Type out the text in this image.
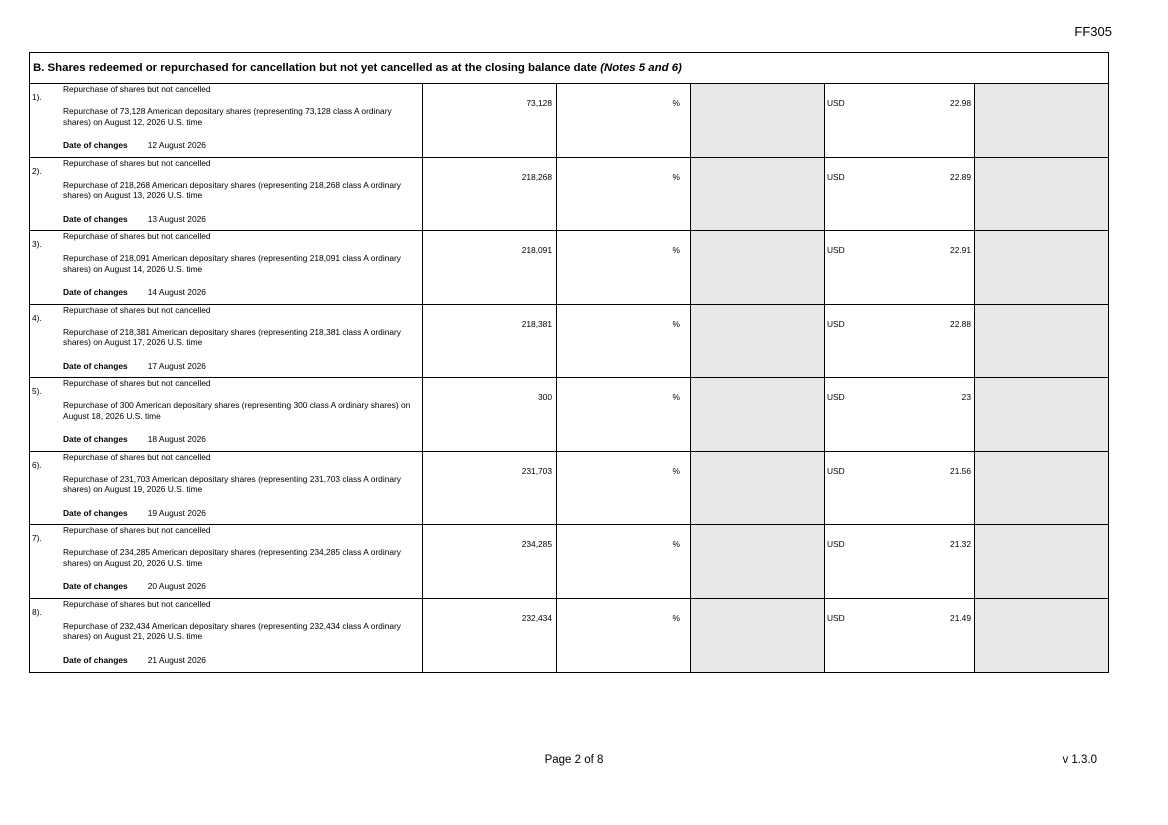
FF305
B. Shares redeemed or repurchased for cancellation but not yet cancelled as at the closing balance date (Notes 5 and 6)
1).
Repurchase of shares but not cancelled
Repurchase of 73,128 American depositary shares (representing 73,128 class A ordinary shares) on August 12, 2026 U.S. time
Date of changes 12 August 2026
73,128	%	USD	22.98
2).
Repurchase of shares but not cancelled
Repurchase of 218,268 American depositary shares (representing 218,268 class A ordinary shares) on August 13, 2026 U.S. time
Date of changes 13 August 2026
218,268	%	USD	22.89
3).
Repurchase of shares but not cancelled
Repurchase of 218,091 American depositary shares (representing 218,091 class A ordinary shares) on August 14, 2026 U.S. time
Date of changes 14 August 2026
218,091	%	USD	22.91
4).
Repurchase of shares but not cancelled
Repurchase of 218,381 American depositary shares (representing 218,381 class A ordinary shares) on August 17, 2026 U.S. time
Date of changes 17 August 2026
218,381	%	USD	22.88
5).
Repurchase of shares but not cancelled
Repurchase of 300 American depositary shares (representing 300 class A ordinary shares) on August 18, 2026 U.S. time
Date of changes 18 August 2026
300	%	USD	23
6).
Repurchase of shares but not cancelled
Repurchase of 231,703 American depositary shares (representing 231,703 class A ordinary shares) on August 19, 2026 U.S. time
Date of changes 19 August 2026
231,703	%	USD	21.56
7).
Repurchase of shares but not cancelled
Repurchase of 234,285 American depositary shares (representing 234,285 class A ordinary shares) on August 20, 2026 U.S. time
Date of changes 20 August 2026
234,285	%	USD	21.32
8).
Repurchase of shares but not cancelled
Repurchase of 232,434 American depositary shares (representing 232,434 class A ordinary shares) on August 21, 2026 U.S. time
Date of changes 21 August 2026
232,434	%	USD	21.49
Page 2 of 8	v 1.3.0
